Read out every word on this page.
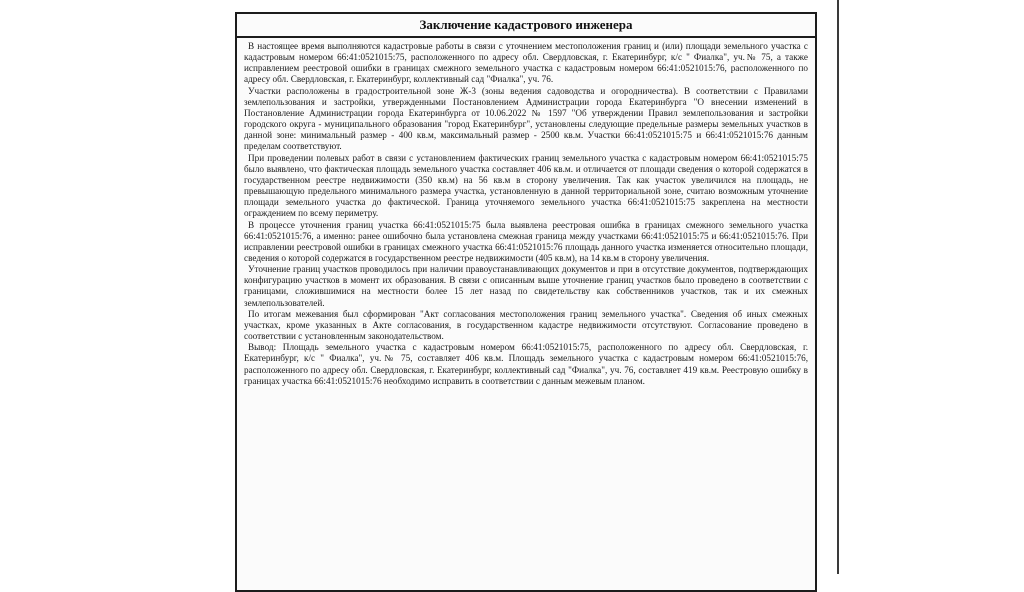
Заключение кадастрового инженера

В настоящее время выполняются кадастровые работы в связи с уточнением местоположения границ и (или) площади земельного участка с кадастровым номером 66:41:0521015:75, расположенного по адресу обл. Свердловская, г. Екатеринбург, к/с " Фиалка", уч.№ 75, а также исправлением реестровой ошибки в границах смежного земельного участка с кадастровым номером 66:41:0521015:76, расположенного по адресу обл. Свердловская, г. Екатеринбург, коллективный сад "Фиалка", уч. 76.

Участки расположены в градостроительной зоне Ж-3 (зоны ведения садоводства и огородничества). В соответствии с Правилами землепользования и застройки, утвержденными Постановлением Администрации города Екатеринбурга "О внесении изменений в Постановление Администрации города Екатеринбурга от 10.06.2022 № 1597 "Об утверждении Правил землепользования и застройки городского округа - муниципального образования "город Екатеринбург", установлены следующие предельные размеры земельных участков в данной зоне: минимальный размер - 400 кв.м, максимальный размер - 2500 кв.м. Участки 66:41:0521015:75 и 66:41:0521015:76 данным пределам соответствуют.

При проведении полевых работ в связи с установлением фактических границ земельного участка с кадастровым номером 66:41:0521015:75 было выявлено, что фактическая площадь земельного участка составляет 406 кв.м. и отличается от площади сведения о которой содержатся в государственном реестре недвижимости (350 кв.м) на 56 кв.м в сторону увеличения. Так как участок увеличился на площадь, не превышающую предельного минимального размера участка, установленную в данной территориальной зоне, считаю возможным уточнение площади земельного участка до фактической. Граница уточняемого земельного участка 66:41:0521015:75 закреплена на местности ограждением по всему периметру.

В процессе уточнения границ участка 66:41:0521015:75 была выявлена реестровая ошибка в границах смежного земельного участка 66:41:0521015:76, а именно: ранее ошибочно была установлена смежная граница между участками 66:41:0521015:75 и 66:41:0521015:76. При исправлении реестровой ошибки в границах смежного участка 66:41:0521015:76 площадь данного участка изменяется относительно площади, сведения о которой содержатся в государственном реестре недвижимости (405 кв.м), на 14 кв.м в сторону увеличения.

Уточнение границ участков проводилось при наличии правоустанавливающих документов и при в отсутствие документов, подтверждающих конфигурацию участков в момент их образования. В связи с описанным выше уточнение границ участков было проведено в соответствии с границами, сложившимися на местности более 15 лет назад по свидетельству как собственников участков, так и их смежных землепользователей.

По итогам межевания был сформирован "Акт согласования местоположения границ земельного участка". Сведения об иных смежных участках, кроме указанных в Акте согласования, в государственном кадастре недвижимости отсутствуют. Согласование проведено в соответствии с установленным законодательством.

Вывод: Площадь земельного участка с кадастровым номером 66:41:0521015:75, расположенного по адресу обл. Свердловская, г. Екатеринбург, к/с " Фиалка", уч.№ 75, составляет 406 кв.м. Площадь земельного участка с кадастровым номером 66:41:0521015:76, расположенного по адресу обл. Свердловская, г. Екатеринбург, коллективный сад "Фиалка", уч. 76, составляет 419 кв.м. Реестровую ошибку в границах участка 66:41:0521015:76 необходимо исправить в соответствии с данным межевым планом.
